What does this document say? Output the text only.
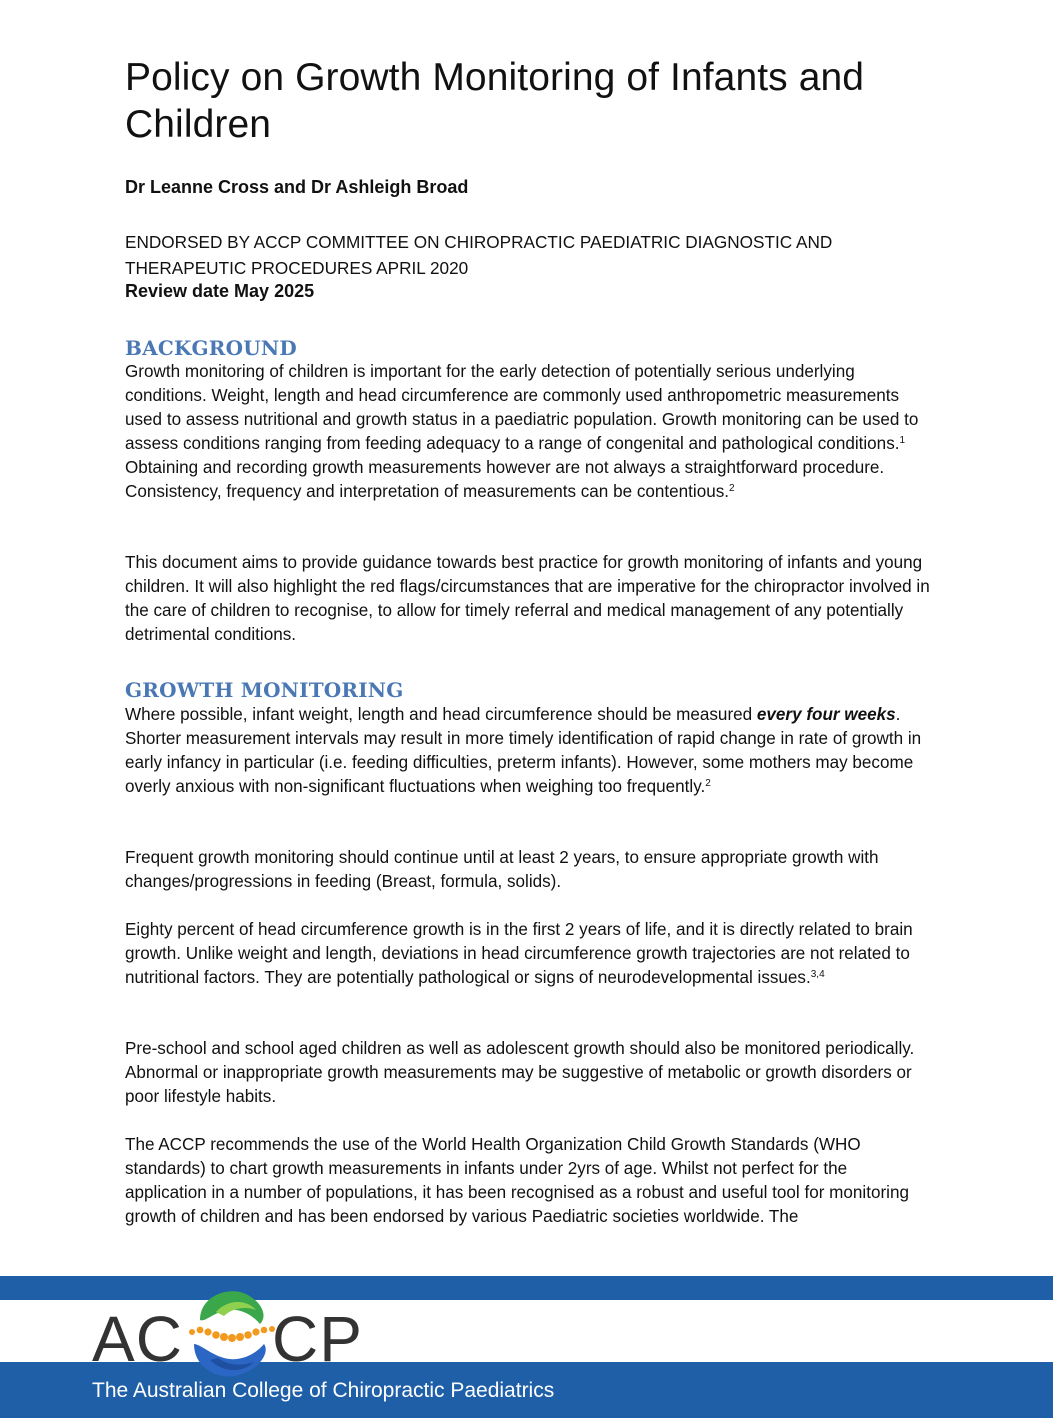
Policy on Growth Monitoring of Infants and Children

Dr Leanne Cross and Dr Ashleigh Broad

ENDORSED BY ACCP COMMITTEE ON CHIROPRACTIC PAEDIATRIC DIAGNOSTIC AND THERAPEUTIC PROCEDURES APRIL 2020

Review date May 2025

BACKGROUND

Growth monitoring of children is important for the early detection of potentially serious underlying conditions. Weight, length and head circumference are commonly used anthropometric measurements used to assess nutritional and growth status in a paediatric population. Growth monitoring can be used to assess conditions ranging from feeding adequacy to a range of congenital and pathological conditions.$^1$ Obtaining and recording growth measurements however are not always a straightforward procedure. Consistency, frequency and interpretation of measurements can be contentious.$^2$

This document aims to provide guidance towards best practice for growth monitoring of infants and young children. It will also highlight the red flags/circumstances that are imperative for the chiropractor involved in the care of children to recognise, to allow for timely referral and medical management of any potentially detrimental conditions.

GROWTH MONITORING

Where possible, infant weight, length and head circumference should be measured every four weeks. Shorter measurement intervals may result in more timely identification of rapid change in rate of growth in early infancy in particular (i.e. feeding difficulties, preterm infants). However, some mothers may become overly anxious with non-significant fluctuations when weighing too frequently.$^2$

Frequent growth monitoring should continue until at least 2 years, to ensure appropriate growth with changes/progressions in feeding (Breast, formula, solids).

Eighty percent of head circumference growth is in the first 2 years of life, and it is directly related to brain growth. Unlike weight and length, deviations in head circumference growth trajectories are not related to nutritional factors. They are potentially pathological or signs of neurodevelopmental issues.$^{3,4}$

Pre-school and school aged children as well as adolescent growth should also be monitored periodically. Abnormal or inappropriate growth measurements may be suggestive of metabolic or growth disorders or poor lifestyle habits.

The ACCP recommends the use of the World Health Organization Child Growth Standards (WHO standards) to chart growth measurements in infants under 2yrs of age. Whilst not perfect for the application in a number of populations, it has been recognised as a robust and useful tool for monitoring growth of children and has been endorsed by various Paediatric societies worldwide. The

AC CP

The Australian College of Chiropractic Paediatrics
